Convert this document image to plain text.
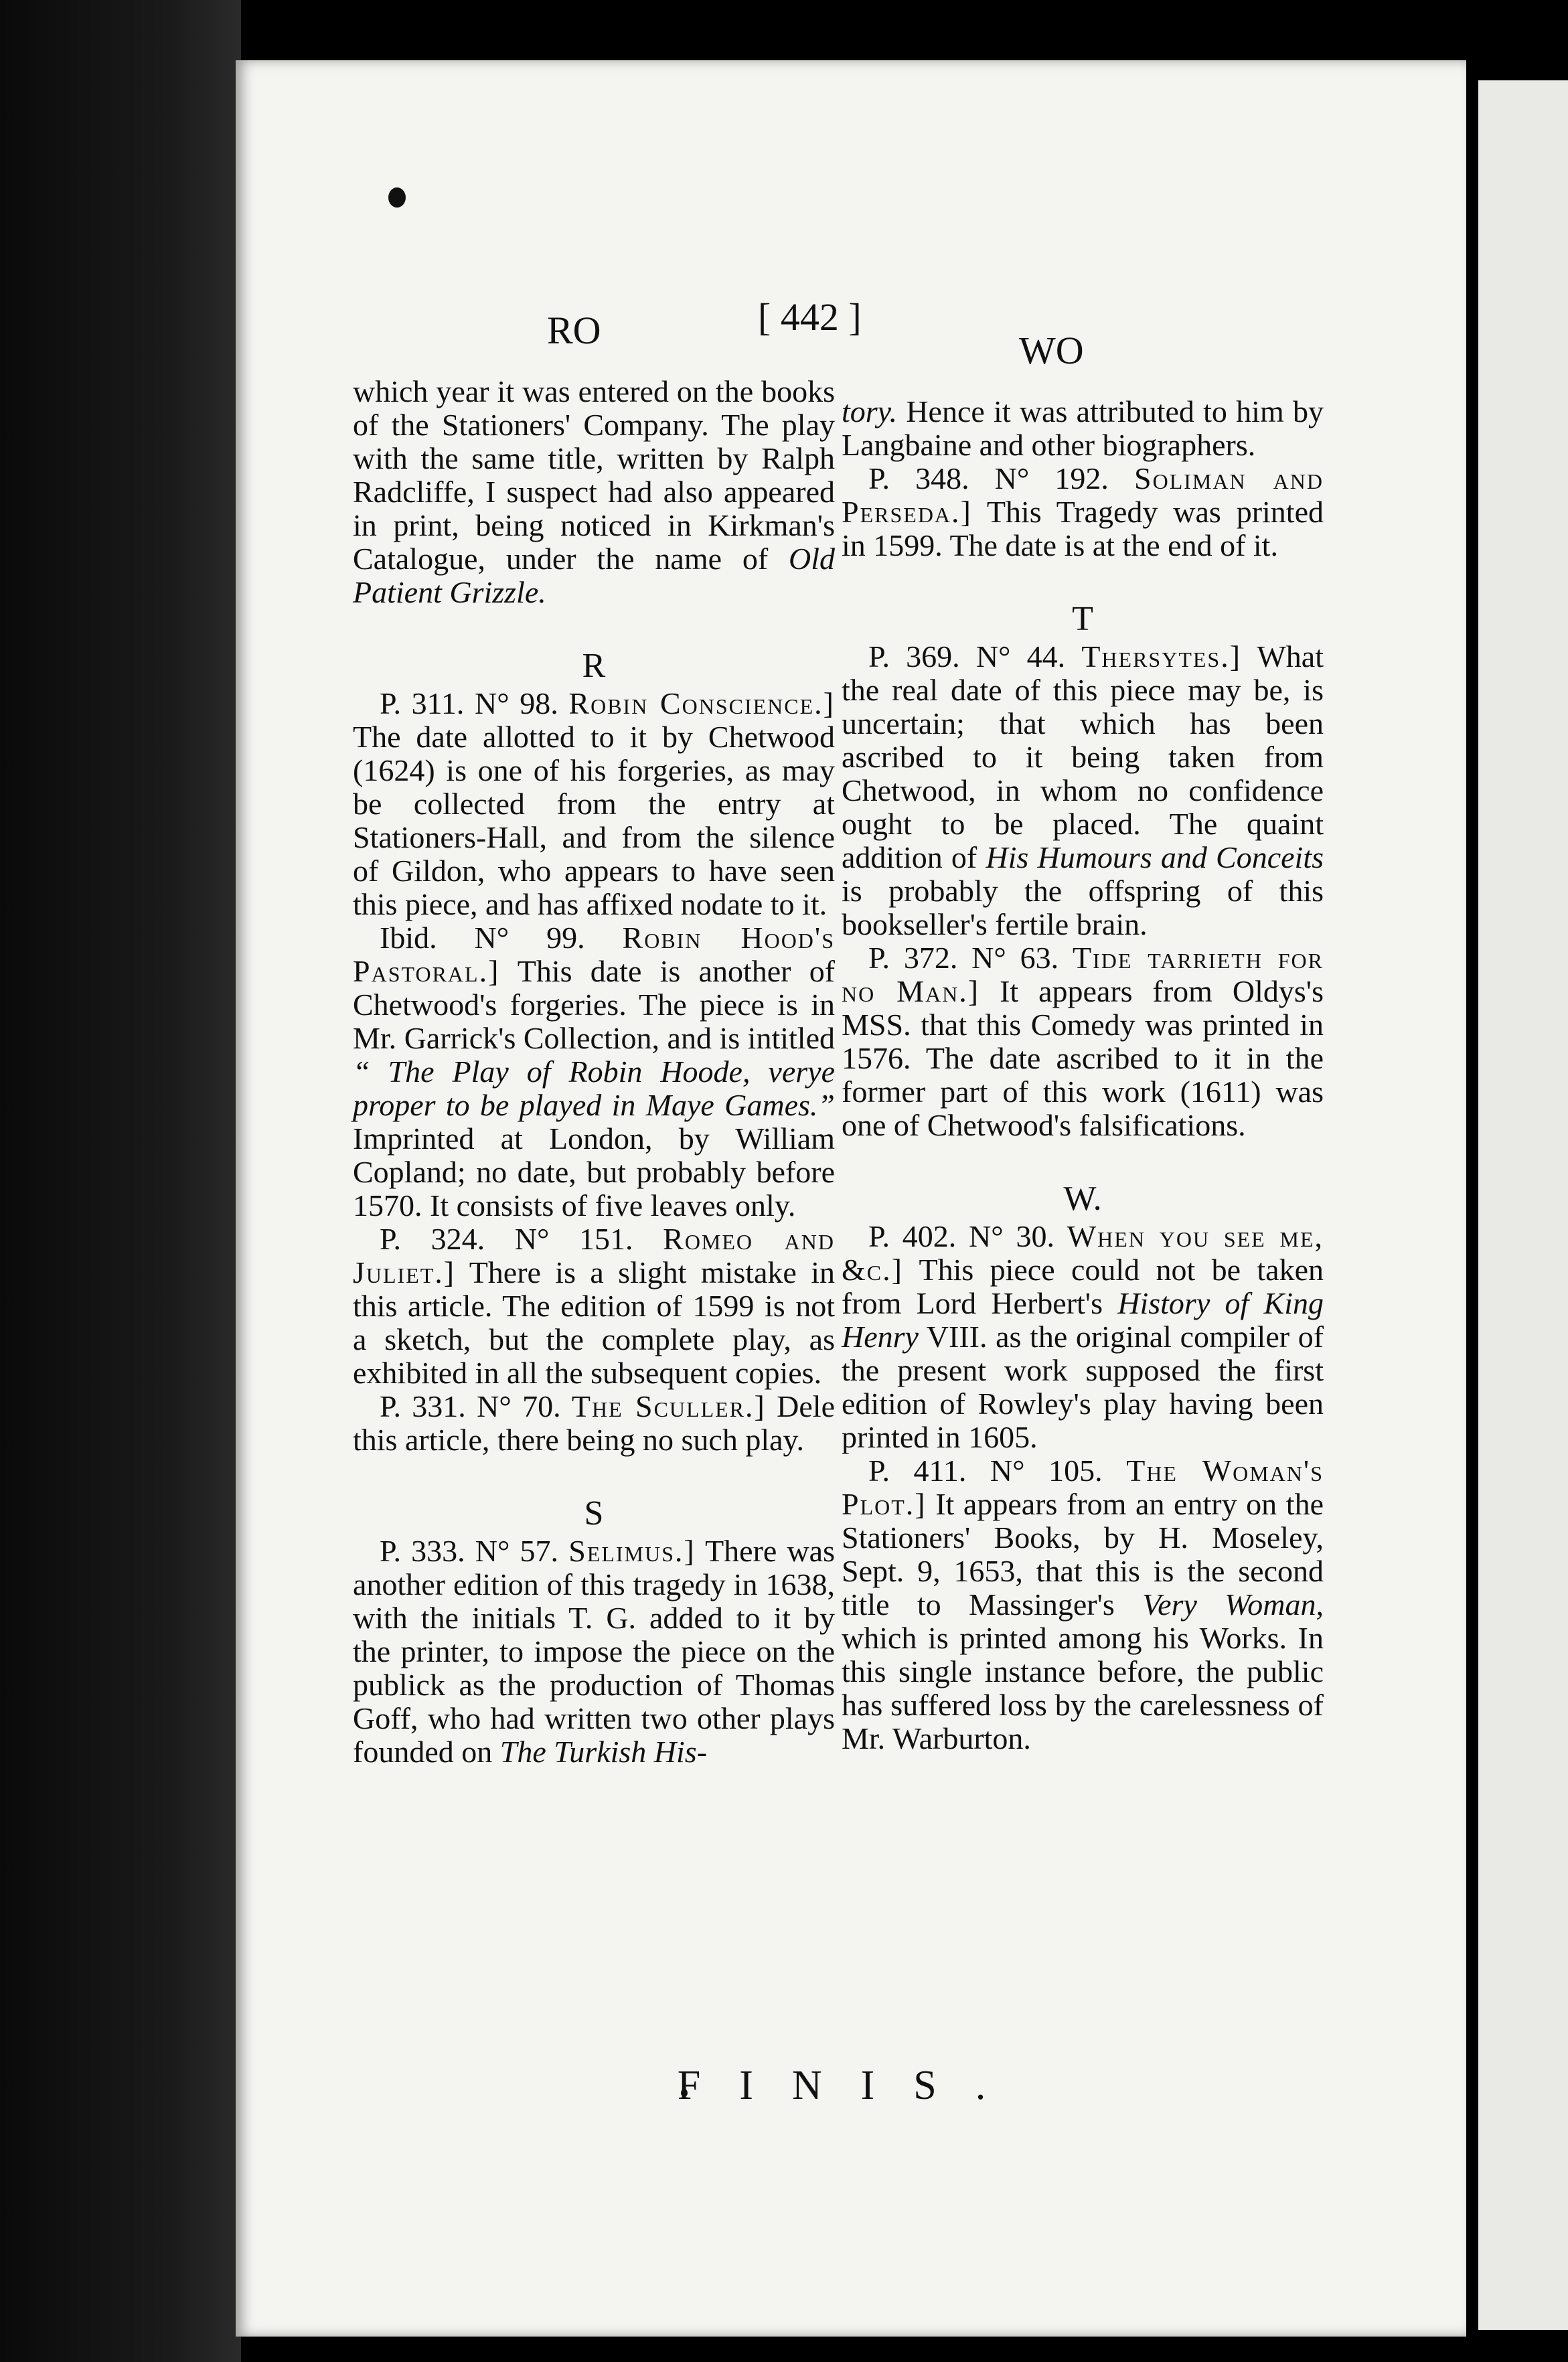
RO	[ 442 ]
WO

which year it was entered on the books of the Stationers' Company. The play with the same title, written by Ralph Radcliffe, I suspect had also appeared in print, being noticed in Kirkman's Catalogue, under the name of Old Patient Grizzle.

R

P. 311. N° 98. Robin Conscience.] The date allotted to it by Chetwood (1624) is one of his forgeries, as may be collected from the entry at Stationers-Hall, and from the silence of Gildon, who appears to have seen this piece, and has affixed nodate to it.

Ibid. N° 99. Robin Hood's Pastoral.] This date is another of Chetwood's forgeries. The piece is in Mr. Garrick's Collection, and is intitled “ The Play of Robin Hoode, verye proper to be played in Maye Games.” Imprinted at London, by William Copland; no date, but probably before 1570. It consists of five leaves only.

P. 324. N° 151. Romeo and Juliet.] There is a slight mistake in this article. The edition of 1599 is not a sketch, but the complete play, as exhibited in all the subsequent copies.

P. 331. N° 70. The Sculler.] Dele this article, there being no such play.

S

P. 333. N° 57. Selimus.] There was another edition of this tragedy in 1638, with the initials T. G. added to it by the printer, to impose the piece on the publick as the production of Thomas Goff, who had written two other plays founded on The Turkish His-

tory. Hence it was attributed to him by Langbaine and other biographers.

P. 348. N° 192. Soliman and Perseda.] This Tragedy was printed in 1599. The date is at the end of it.

T

P. 369. N° 44. Thersytes.] What the real date of this piece may be, is uncertain; that which has been ascribed to it being taken from Chetwood, in whom no confidence ought to be placed. The quaint addition of His Humours and Conceits is probably the offspring of this bookseller's fertile brain.

P. 372. N° 63. Tide tarrieth for no Man.] It appears from Oldys's MSS. that this Comedy was printed in 1576. The date ascribed to it in the former part of this work (1611) was one of Chetwood's falsifications.

W.

P. 402. N° 30. When you see me, &c.] This piece could not be taken from Lord Herbert's History of King Henry VIII. as the original compiler of the present work supposed the first edition of Rowley's play having been printed in 1605.

P. 411. N° 105. The Woman's Plot.] It appears from an entry on the Stationers' Books, by H. Moseley, Sept. 9, 1653, that this is the second title to Massinger's Very Woman, which is printed among his Works. In this single instance before, the public has suffered loss by the carelessness of Mr. Warburton.

FINIS.
